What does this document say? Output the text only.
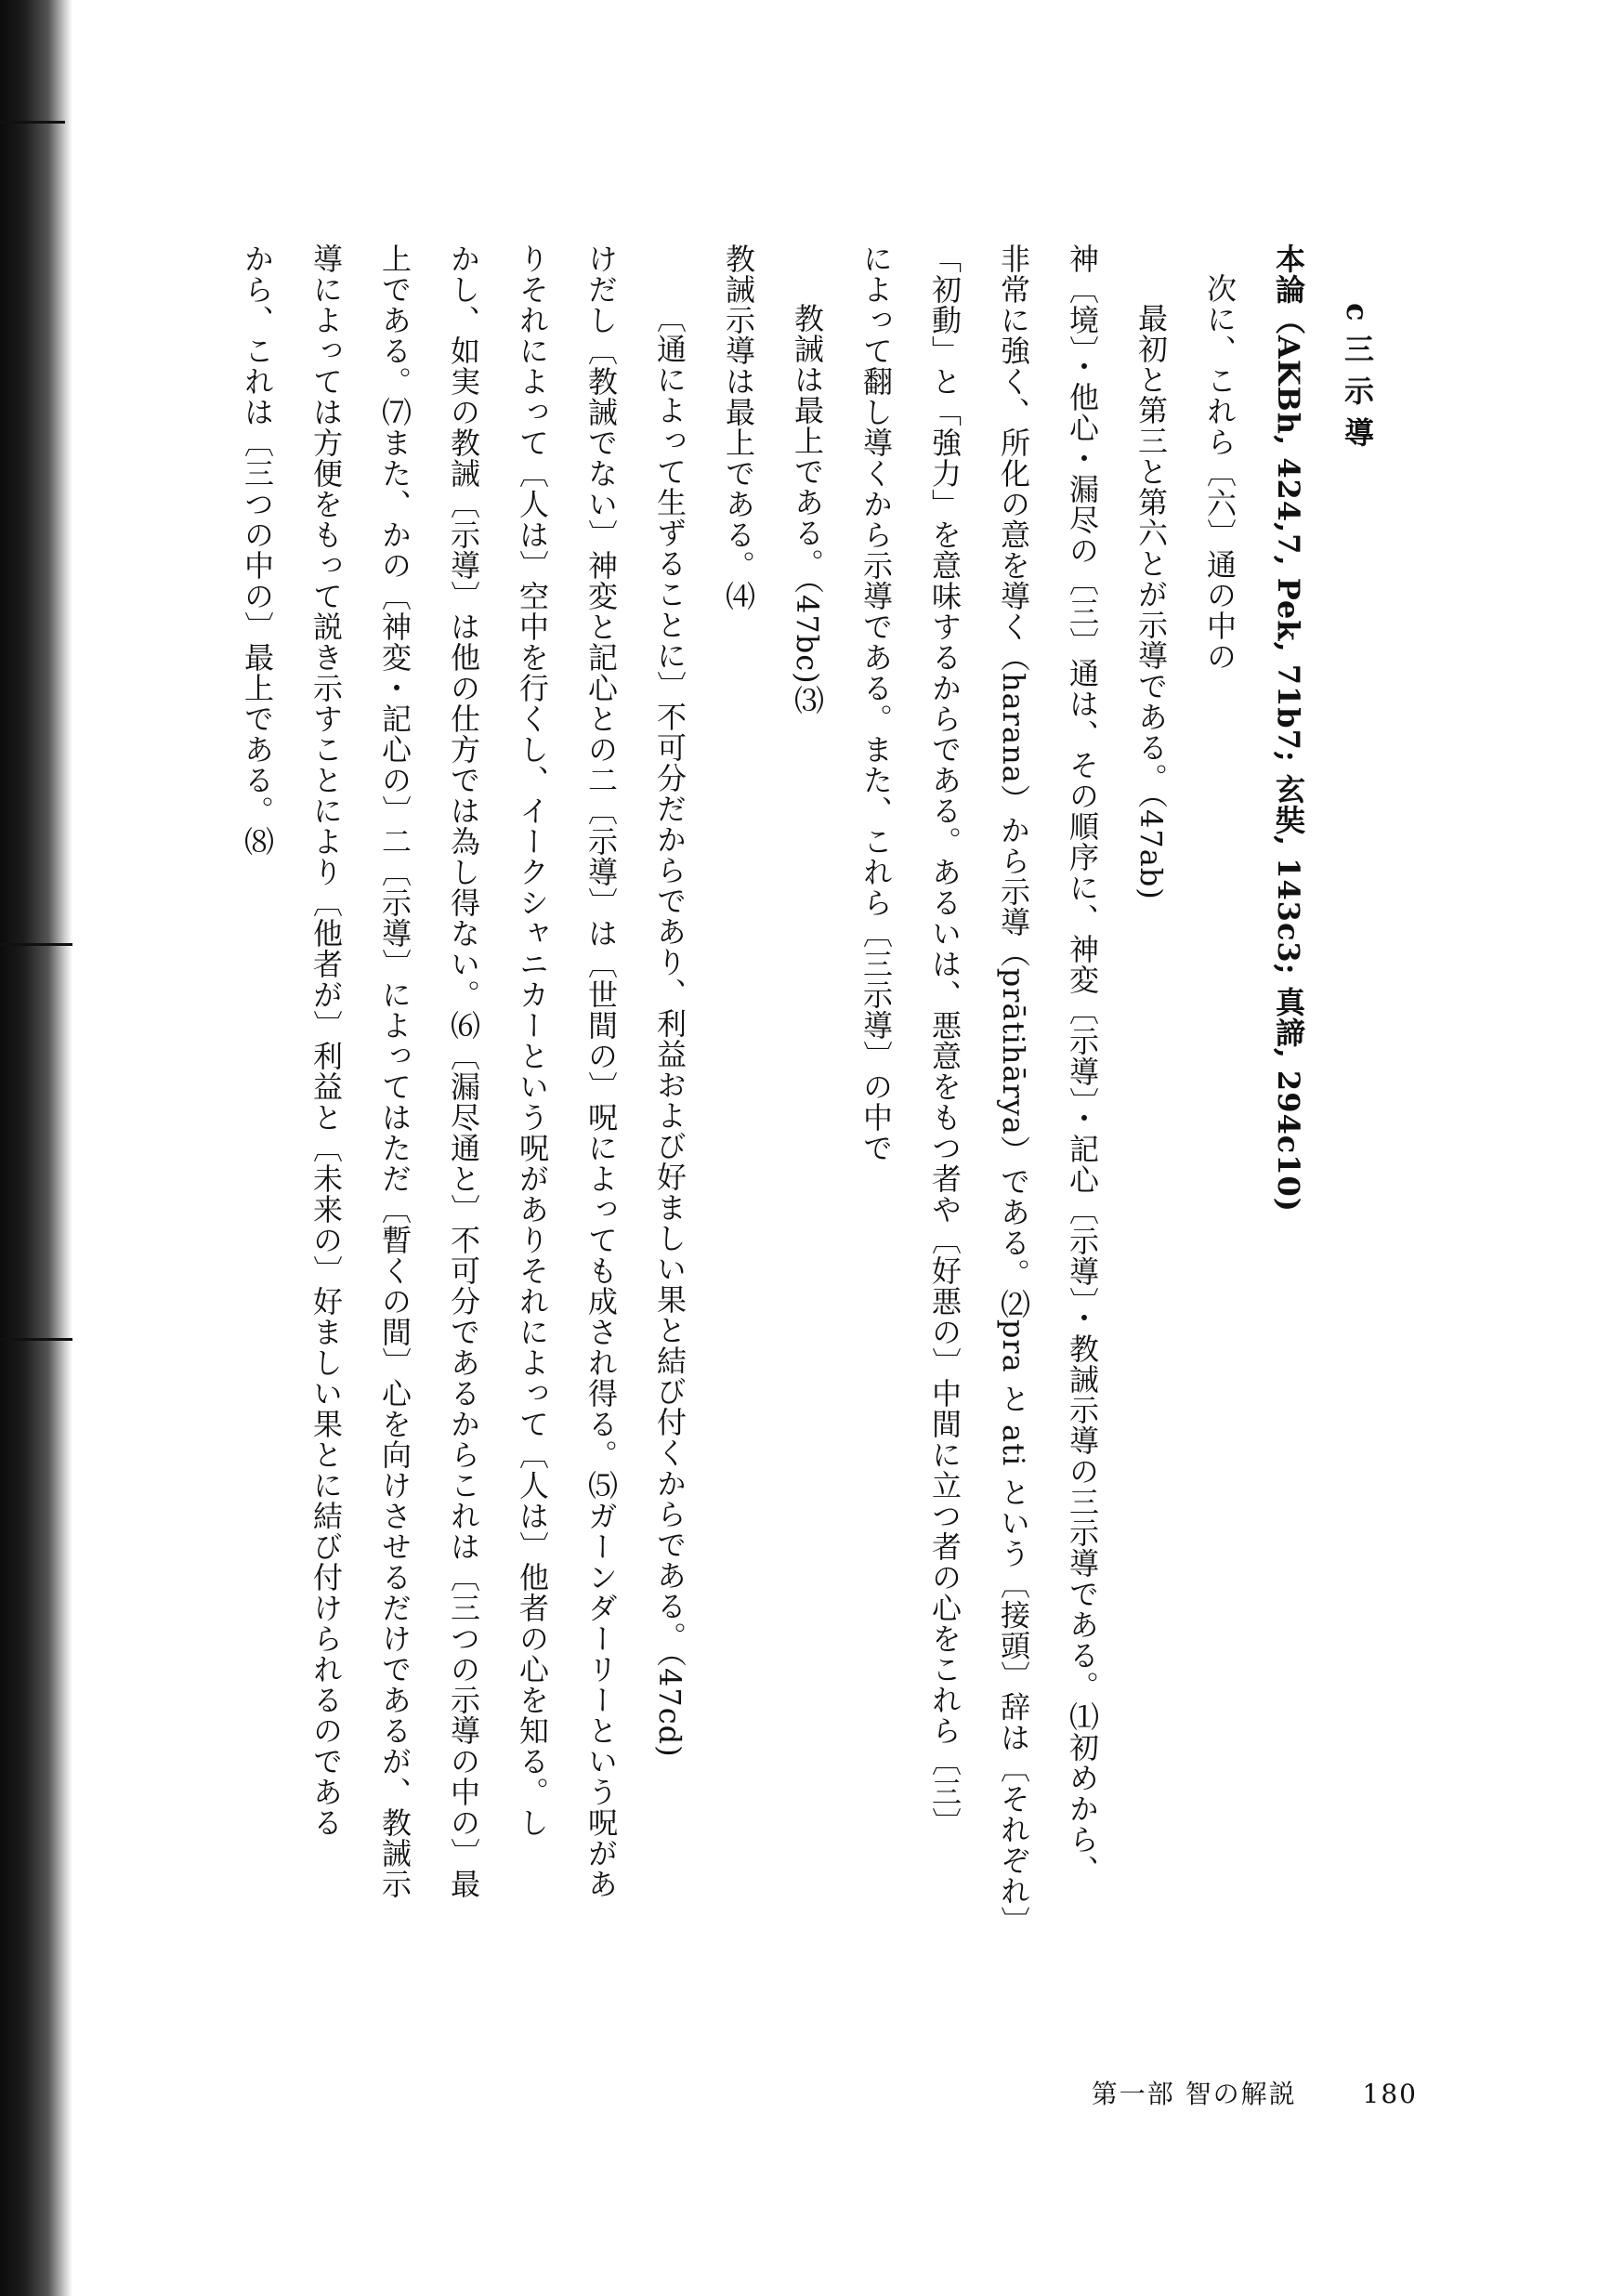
c 三 示 導

本論（AKBh, 424,7, Pek, 71b7; 玄奘, 143c3; 真諦, 294c10)

次に、これら〔六〕通の中の

最初と第三と第六とが示導である。（47ab)

神〔境〕・他心・漏尽の〔三〕通は、その順序に、神変〔示導〕・記心〔示導〕・教誡示導の三示導である。⑴初めから、

非常に強く、所化の意を導く（harana）から示導（prātihārya）である。⑵pra と ati という〔接頭〕辞は〔それぞれ〕

「初動」と「強力」を意味するからである。あるいは、悪意をもつ者や〔好悪の〕中間に立つ者の心をこれら〔三〕

によって翻し導くから示導である。また、これら〔三示導〕の中で

教誡は最上である。（47bc)⑶

教誡示導は最上である。⑷

〔通によって生ずることに〕不可分だからであり、利益および好ましい果と結び付くからである。（47cd)

けだし〔教誡でない〕神変と記心との二〔示導〕は〔世間の〕呪によっても成され得る。⑸ガーンダーリーという呪があ

りそれによって〔人は〕空中を行くし、イークシャニカーという呪がありそれによって〔人は〕他者の心を知る。し

かし、如実の教誡〔示導〕は他の仕方では為し得ない。⑹〔漏尽通と〕不可分であるからこれは〔三つの示導の中の〕最

上である。⑺また、かの〔神変・記心の〕二〔示導〕によってはただ〔暫くの間〕心を向けさせるだけであるが、教誡示

導によっては方便をもって説き示すことにより〔他者が〕利益と〔未来の〕好ましい果とに結び付けられるのである

から、これは〔三つの中の〕最上である。⑻

第一部 智の解説	180
